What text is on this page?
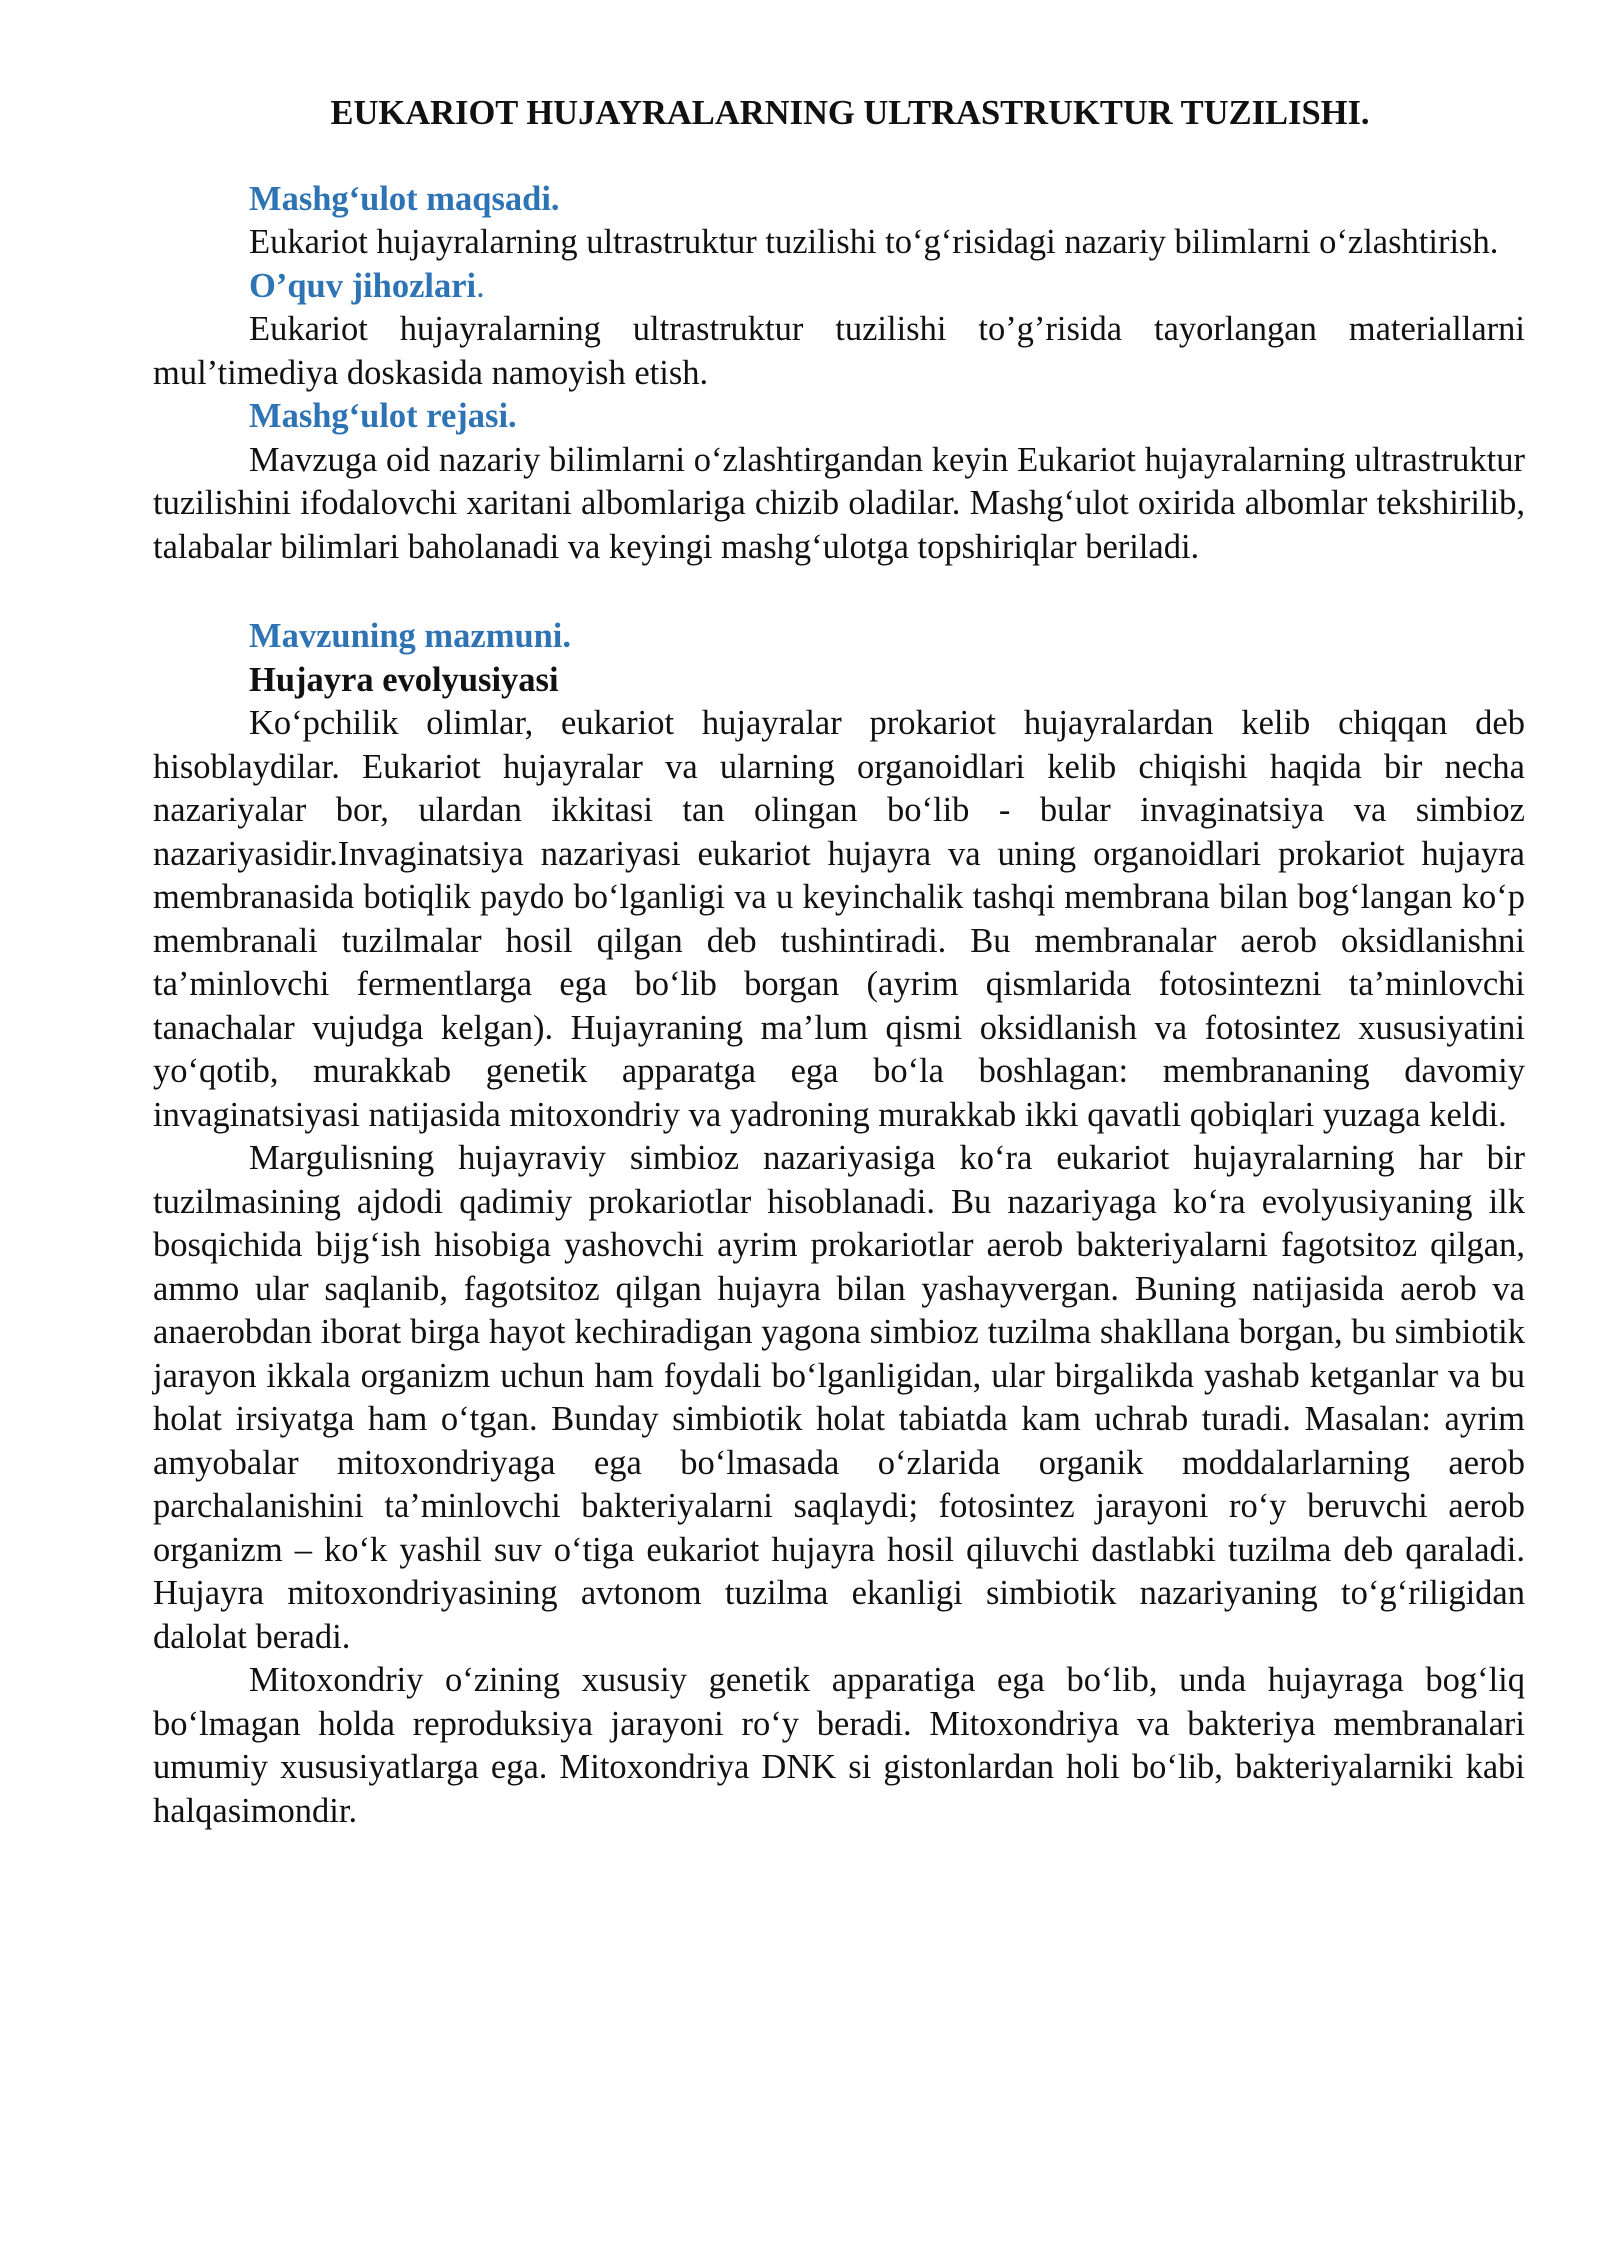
EUKARIOT HUJAYRALARNING ULTRASTRUKTUR TUZILISHI.

Mashg‘ulot maqsadi.

Eukariot hujayralarning ultrastruktur tuzilishi to‘g‘risidagi nazariy bilimlarni o‘zlashtirish.

O’quv jihozlari.

Eukariot hujayralarning ultrastruktur tuzilishi to’g’risida tayorlangan materiallarni mul’timediya doskasida namoyish etish.

Mashg‘ulot rejasi.

Mavzuga oid nazariy bilimlarni o‘zlashtirgandan keyin Eukariot hujayralarning ultrastruktur tuzilishini ifodalovchi xaritani albomlariga chizib oladilar. Mashg‘ulot oxirida albomlar tekshirilib, talabalar bilimlari baholanadi va keyingi mashg‘ulotga topshiriqlar beriladi.

Mavzuning mazmuni.

Hujayra evolyusiyasi

Ko‘pchilik olimlar, eukariot hujayralar prokariot hujayralardan kelib chiqqan deb hisoblaydilar. Eukariot hujayralar va ularning organoidlari kelib chiqishi haqida bir necha nazariyalar bor, ulardan ikkitasi tan olingan bo‘lib - bular invaginatsiya va simbioz nazariyasidir.Invaginatsiya nazariyasi eukariot hujayra va uning organoidlari prokariot hujayra membranasida botiqlik paydo bo‘lganligi va u keyinchalik tashqi membrana bilan bog‘langan ko‘p membranali tuzilmalar hosil qilgan deb tushintiradi. Bu membranalar aerob oksidlanishni ta’minlovchi fermentlarga ega bo‘lib borgan (ayrim qismlarida fotosintezni ta’minlovchi tanachalar vujudga kelgan). Hujayraning ma’lum qismi oksidlanish va fotosintez xususiyatini yo‘qotib, murakkab genetik apparatga ega bo‘la boshlagan: membrananing davomiy invaginatsiyasi natijasida mitoxondriy va yadroning murakkab ikki qavatli qobiqlari yuzaga keldi.

Margulisning hujayraviy simbioz nazariyasiga ko‘ra eukariot hujayralarning har bir tuzilmasining ajdodi qadimiy prokariotlar hisoblanadi. Bu nazariyaga ko‘ra evolyusiyaning ilk bosqichida bijg‘ish hisobiga yashovchi ayrim prokariotlar aerob bakteriyalarni fagotsitoz qilgan, ammo ular saqlanib, fagotsitoz qilgan hujayra bilan yashayvergan. Buning natijasida aerob va anaerobdan iborat birga hayot kechiradigan yagona simbioz tuzilma shakllana borgan, bu simbiotik jarayon ikkala organizm uchun ham foydali bo‘lganligidan, ular birgalikda yashab ketganlar va bu holat irsiyatga ham o‘tgan. Bunday simbiotik holat tabiatda kam uchrab turadi. Masalan: ayrim amyobalar mitoxondriyaga ega bo‘lmasada o‘zlarida organik moddalarlarning aerob parchalanishini ta’minlovchi bakteriyalarni saqlaydi; fotosintez jarayoni ro‘y beruvchi aerob organizm – ko‘k yashil suv o‘tiga eukariot hujayra hosil qiluvchi dastlabki tuzilma deb qaraladi. Hujayra mitoxondriyasining avtonom tuzilma ekanligi simbiotik nazariyaning to‘g‘riligidan dalolat beradi.

Mitoxondriy o‘zining xususiy genetik apparatiga ega bo‘lib, unda hujayraga bog‘liq bo‘lmagan holda reproduksiya jarayoni ro‘y beradi. Mitoxondriya va bakteriya membranalari umumiy xususiyatlarga ega. Mitoxondriya DNK si gistonlardan holi bo‘lib, bakteriyalarniki kabi halqasimondir.
